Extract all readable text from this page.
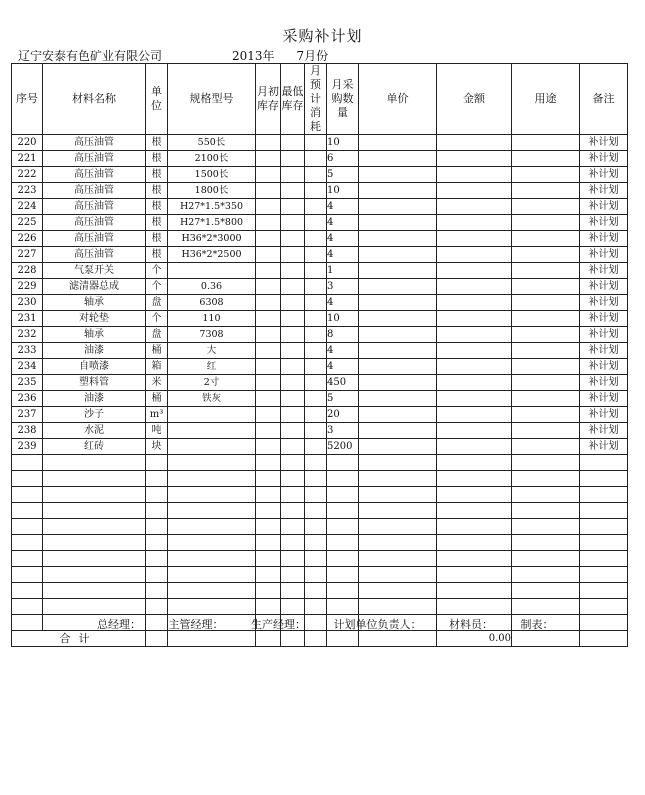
采购补计划
辽宁安泰有色矿业有限公司	2013年 7月份
序号	材料名称	单位	规格型号	月初库存	最低库存	月预计消耗	月采购数量	单价	金额	用途	备注
220	高压油管	根	550长				10				补计划
221	高压油管	根	2100长				6				补计划
222	高压油管	根	1500长				5				补计划
223	高压油管	根	1800长				10				补计划
224	高压油管	根	H27*1.5*350				4				补计划
225	高压油管	根	H27*1.5*800				4				补计划
226	高压油管	根	H36*2*3000				4				补计划
227	高压油管	根	H36*2*2500				4				补计划
228	气泵开关	个					1				补计划
229	滤清器总成	个	0.36				3				补计划
230	轴承	盘	6308				4				补计划
231	对轮垫	个	110				10				补计划
232	轴承	盘	7308				8				补计划
233	油漆	桶	大				4				补计划
234	自喷漆	箱	红				4				补计划
235	塑料管	米	2寸				450				补计划
236	油漆	桶	铁灰				5				补计划
237	沙子	m³					20				补计划
238	水泥	吨					3				补计划
239	红砖	块					5200				补计划

合计									0.00		
总经理：	主管经理：	生产经理：	计划单位负责人：	材料员：	制表：
